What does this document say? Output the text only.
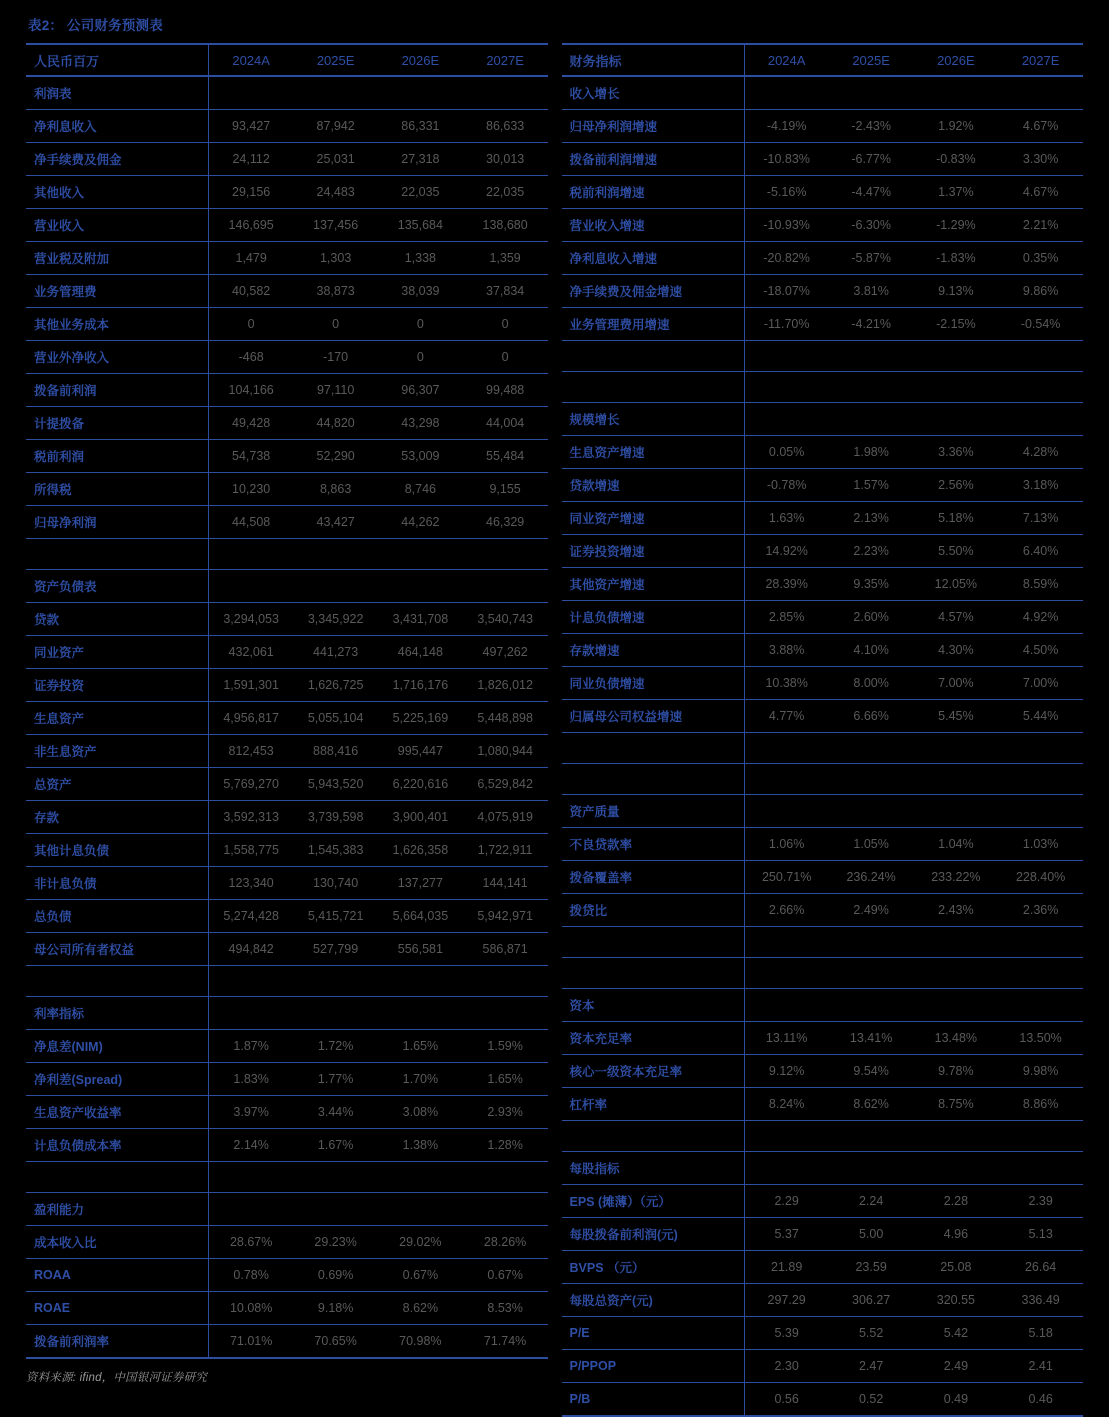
表2： 公司财务预测表
人民币百万	2024A	2025E	2026E	2027E
利润表				
净利息收入	93,427	87,942	86,331	86,633
净手续费及佣金	24,112	25,031	27,318	30,013
其他收入	29,156	24,483	22,035	22,035
营业收入	146,695	137,456	135,684	138,680
营业税及附加	1,479	1,303	1,338	1,359
业务管理费	40,582	38,873	38,039	37,834
其他业务成本	0	0	0	0
营业外净收入	-468	-170	0	0
拨备前利润	104,166	97,110	96,307	99,488
计提拨备	49,428	44,820	43,298	44,004
税前利润	54,738	52,290	53,009	55,484
所得税	10,230	8,863	8,746	9,155
归母净利润	44,508	43,427	44,262	46,329

资产负债表				
贷款	3,294,053	3,345,922	3,431,708	3,540,743
同业资产	432,061	441,273	464,148	497,262
证券投资	1,591,301	1,626,725	1,716,176	1,826,012
生息资产	4,956,817	5,055,104	5,225,169	5,448,898
非生息资产	812,453	888,416	995,447	1,080,944
总资产	5,769,270	5,943,520	6,220,616	6,529,842
存款	3,592,313	3,739,598	3,900,401	4,075,919
其他计息负债	1,558,775	1,545,383	1,626,358	1,722,911
非计息负债	123,340	130,740	137,277	144,141
总负债	5,274,428	5,415,721	5,664,035	5,942,971
母公司所有者权益	494,842	527,799	556,581	586,871

利率指标				
净息差(NIM)	1.87%	1.72%	1.65%	1.59%
净利差(Spread)	1.83%	1.77%	1.70%	1.65%
生息资产收益率	3.97%	3.44%	3.08%	2.93%
计息负债成本率	2.14%	1.67%	1.38%	1.28%

盈利能力				
成本收入比	28.67%	29.23%	29.02%	28.26%
ROAA	0.78%	0.69%	0.67%	0.67%
ROAE	10.08%	9.18%	8.62%	8.53%
拨备前利润率	71.01%	70.65%	70.98%	71.74%
资料来源: ifind，中国银河证券研究
财务指标	2024A	2025E	2026E	2027E
收入增长				
归母净利润增速	-4.19%	-2.43%	1.92%	4.67%
拨备前利润增速	-10.83%	-6.77%	-0.83%	3.30%
税前利润增速	-5.16%	-4.47%	1.37%	4.67%
营业收入增速	-10.93%	-6.30%	-1.29%	2.21%
净利息收入增速	-20.82%	-5.87%	-1.83%	0.35%
净手续费及佣金增速	-18.07%	3.81%	9.13%	9.86%
业务管理费用增速	-11.70%	-4.21%	-2.15%	-0.54%

规模增长				
生息资产增速	0.05%	1.98%	3.36%	4.28%
贷款增速	-0.78%	1.57%	2.56%	3.18%
同业资产增速	1.63%	2.13%	5.18%	7.13%
证券投资增速	14.92%	2.23%	5.50%	6.40%
其他资产增速	28.39%	9.35%	12.05%	8.59%
计息负债增速	2.85%	2.60%	4.57%	4.92%
存款增速	3.88%	4.10%	4.30%	4.50%
同业负债增速	10.38%	8.00%	7.00%	7.00%
归属母公司权益增速	4.77%	6.66%	5.45%	5.44%

资产质量				
不良贷款率	1.06%	1.05%	1.04%	1.03%
拨备覆盖率	250.71%	236.24%	233.22%	228.40%
拨贷比	2.66%	2.49%	2.43%	2.36%

资本				
资本充足率	13.11%	13.41%	13.48%	13.50%
核心一级资本充足率	9.12%	9.54%	9.78%	9.98%
杠杆率	8.24%	8.62%	8.75%	8.86%

每股指标				
EPS (摊薄）（元）	2.29	2.24	2.28	2.39
每股拨备前利润(元)	5.37	5.00	4.96	5.13
BVPS （元）	21.89	23.59	25.08	26.64
每股总资产(元)	297.29	306.27	320.55	336.49
P/E	5.39	5.52	5.42	5.18
P/PPOP	2.30	2.47	2.49	2.41
P/B	0.56	0.52	0.49	0.46
